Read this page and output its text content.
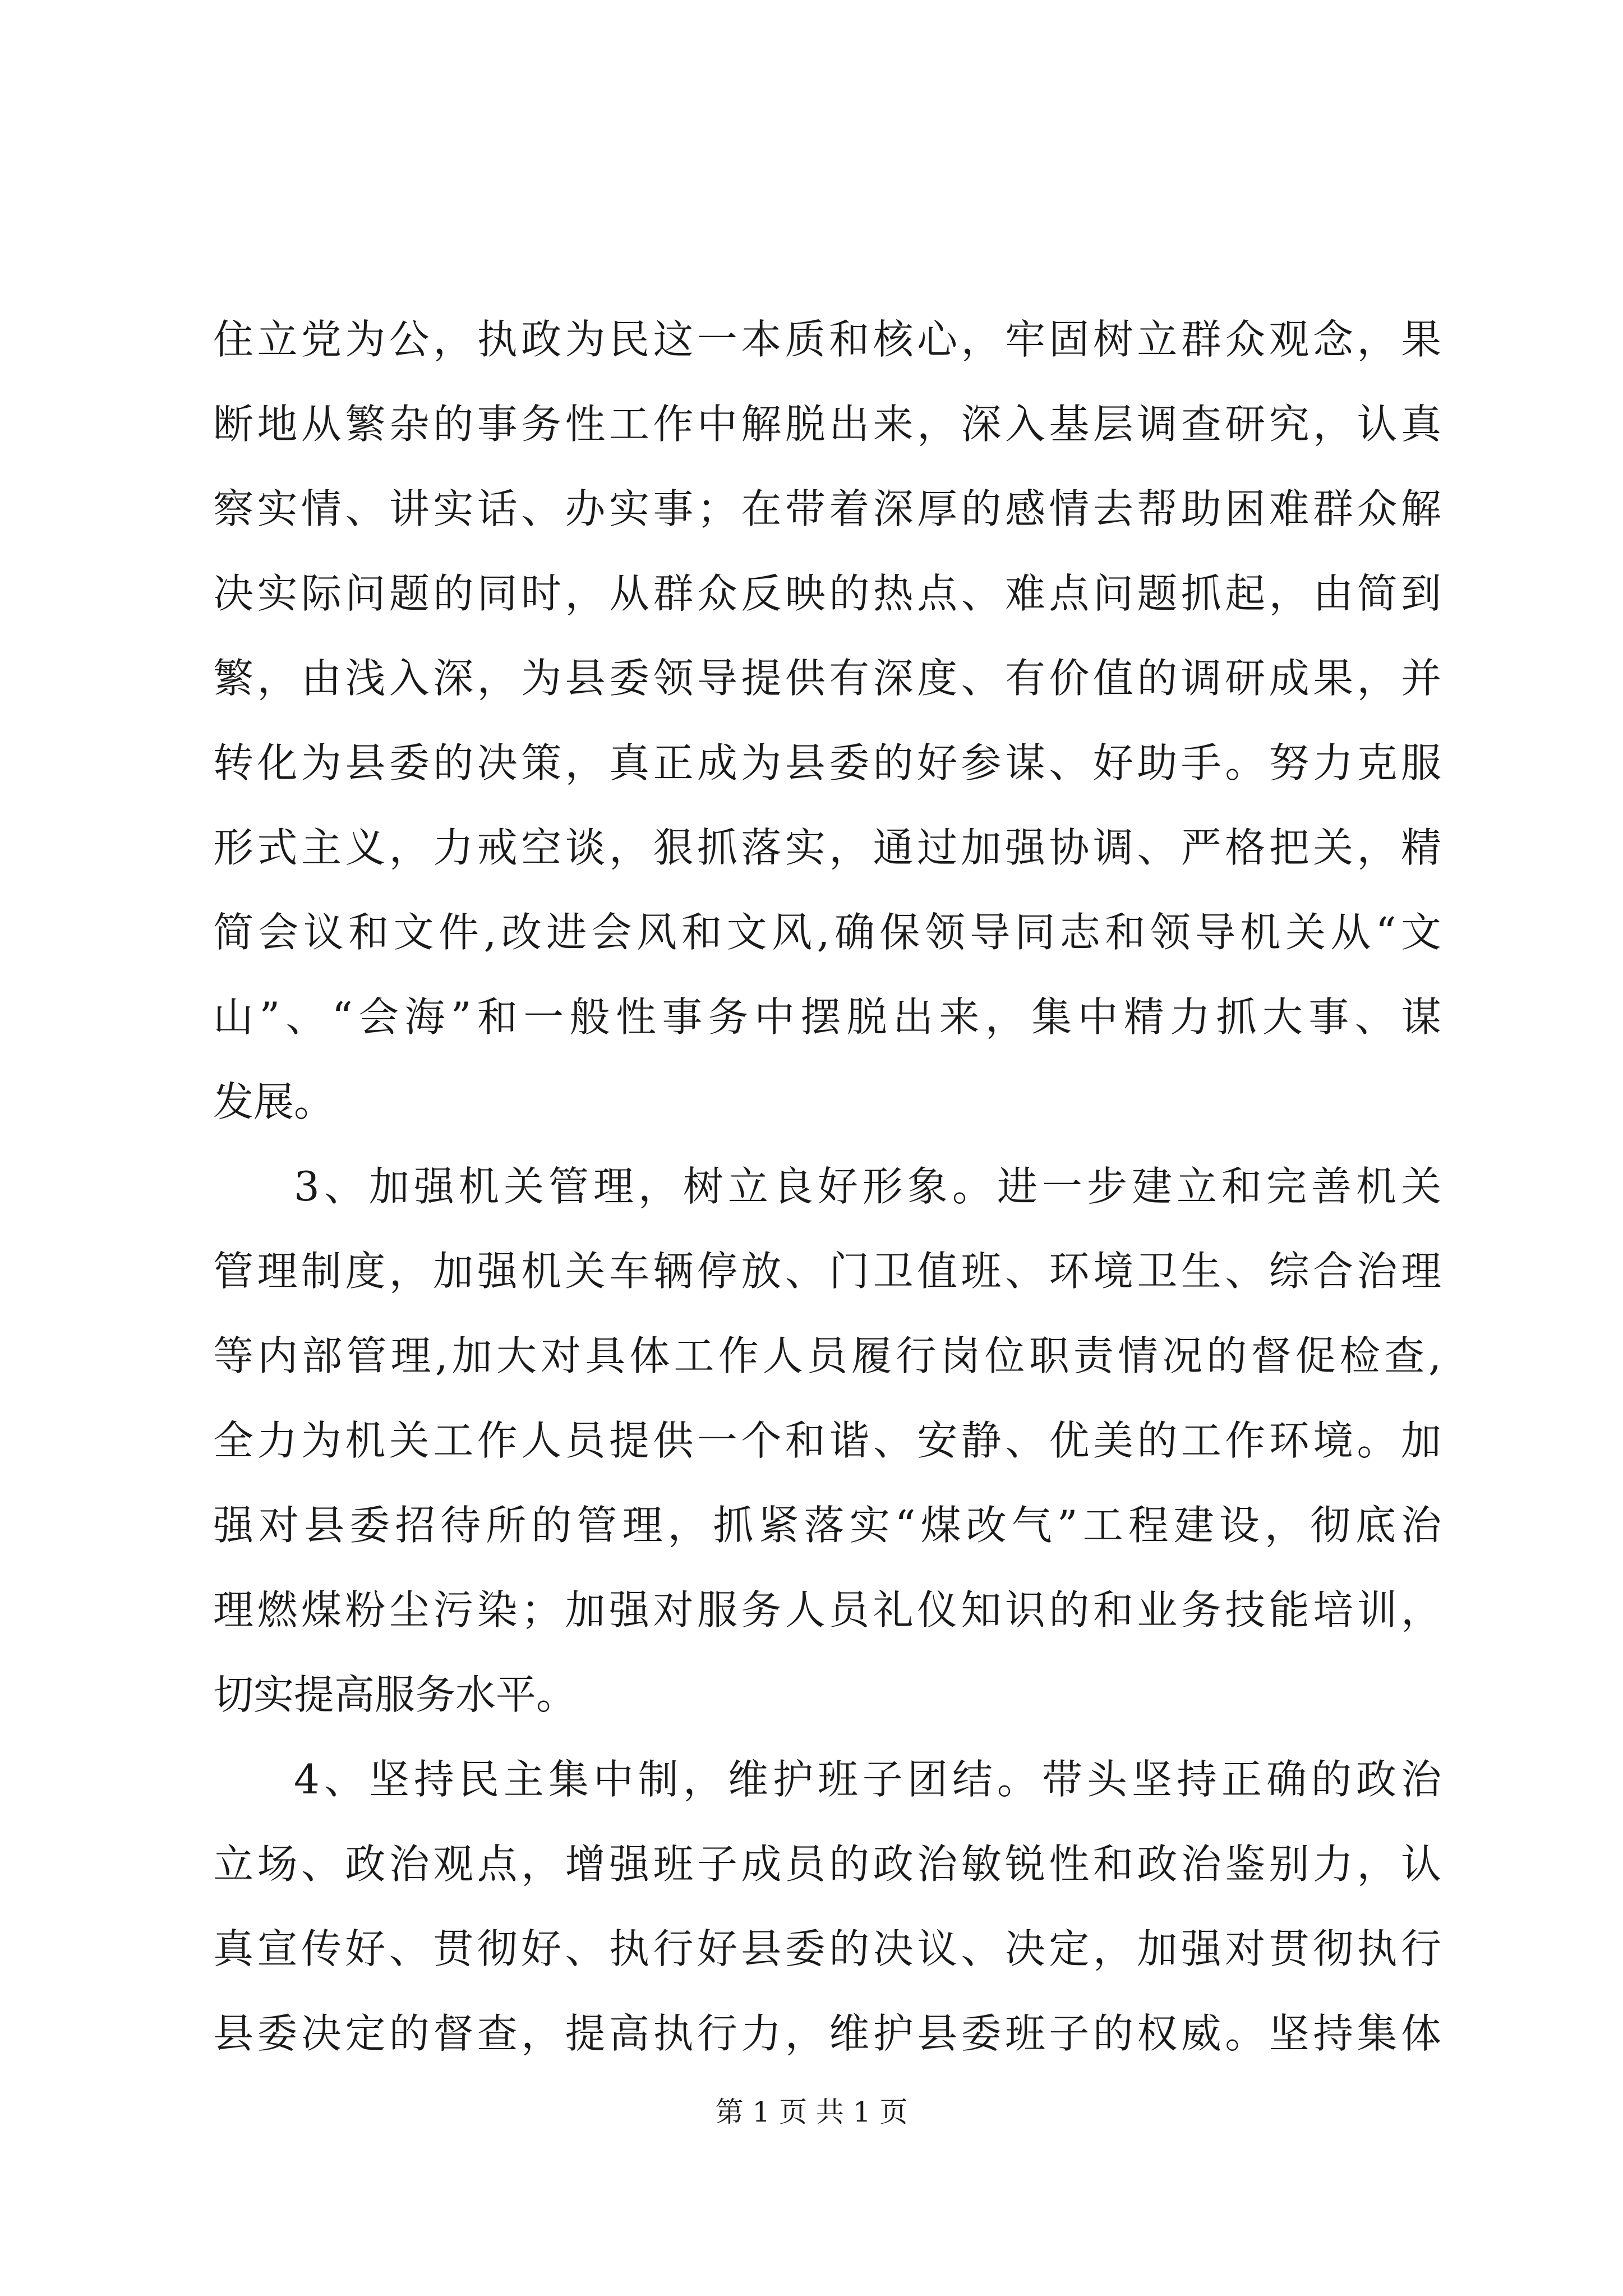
住立党为公，执政为民这一本质和核心，牢固树立群众观念，果
断地从繁杂的事务性工作中解脱出来，深入基层调查研究，认真
察实情、讲实话、办实事；在带着深厚的感情去帮助困难群众解
决实际问题的同时，从群众反映的热点、难点问题抓起，由简到
繁，由浅入深，为县委领导提供有深度、有价值的调研成果，并
转化为县委的决策，真正成为县委的好参谋、好助手。努力克服
形式主义，力戒空谈，狠抓落实，通过加强协调、严格把关，精
简会议和文件,改进会风和文风,确保领导同志和领导机关从“文
山”、“会海”和一般性事务中摆脱出来，集中精力抓大事、谋
发展。
3、加强机关管理，树立良好形象。进一步建立和完善机关
管理制度，加强机关车辆停放、门卫值班、环境卫生、综合治理
等内部管理,加大对具体工作人员履行岗位职责情况的督促检查,
全力为机关工作人员提供一个和谐、安静、优美的工作环境。加
强对县委招待所的管理，抓紧落实“煤改气”工程建设，彻底治
理燃煤粉尘污染；加强对服务人员礼仪知识的和业务技能培训，
切实提高服务水平。
4、坚持民主集中制，维护班子团结。带头坚持正确的政治
立场、政治观点，增强班子成员的政治敏锐性和政治鉴别力，认
真宣传好、贯彻好、执行好县委的决议、决定，加强对贯彻执行
县委决定的督查，提高执行力，维护县委班子的权威。坚持集体
第 1 页 共 1 页
